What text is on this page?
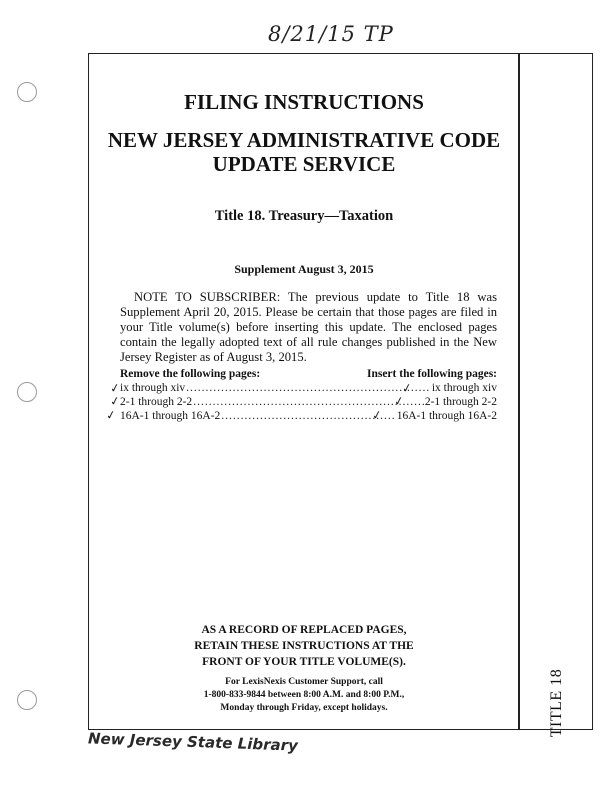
8/21/15 TP
TITLE 18
FILING INSTRUCTIONS
NEW JERSEY ADMINISTRATIVE CODE
UPDATE SERVICE
Title 18. Treasury—Taxation
Supplement August 3, 2015
NOTE TO SUBSCRIBER: The previous update to Title 18 was Supplement April 20, 2015. Please be certain that those pages are filed in your Title volume(s) before inserting this update. The enclosed pages contain the legally adopted text of all rule changes published in the New Jersey Register as of August 3, 2015.
Remove the following pages:	Insert the following pages:
ix through xiv .....	ix through xiv
2-1 through 2-2 .....	2-1 through 2-2
16A-1 through 16A-2 .....	16A-1 through 16A-2
✓
✓
✓
✓
✓
✓
AS A RECORD OF REPLACED PAGES,
RETAIN THESE INSTRUCTIONS AT THE
FRONT OF YOUR TITLE VOLUME(S).
For LexisNexis Customer Support, call
1-800-833-9844 between 8:00 A.M. and 8:00 P.M.,
Monday through Friday, except holidays.
New Jersey State Library
